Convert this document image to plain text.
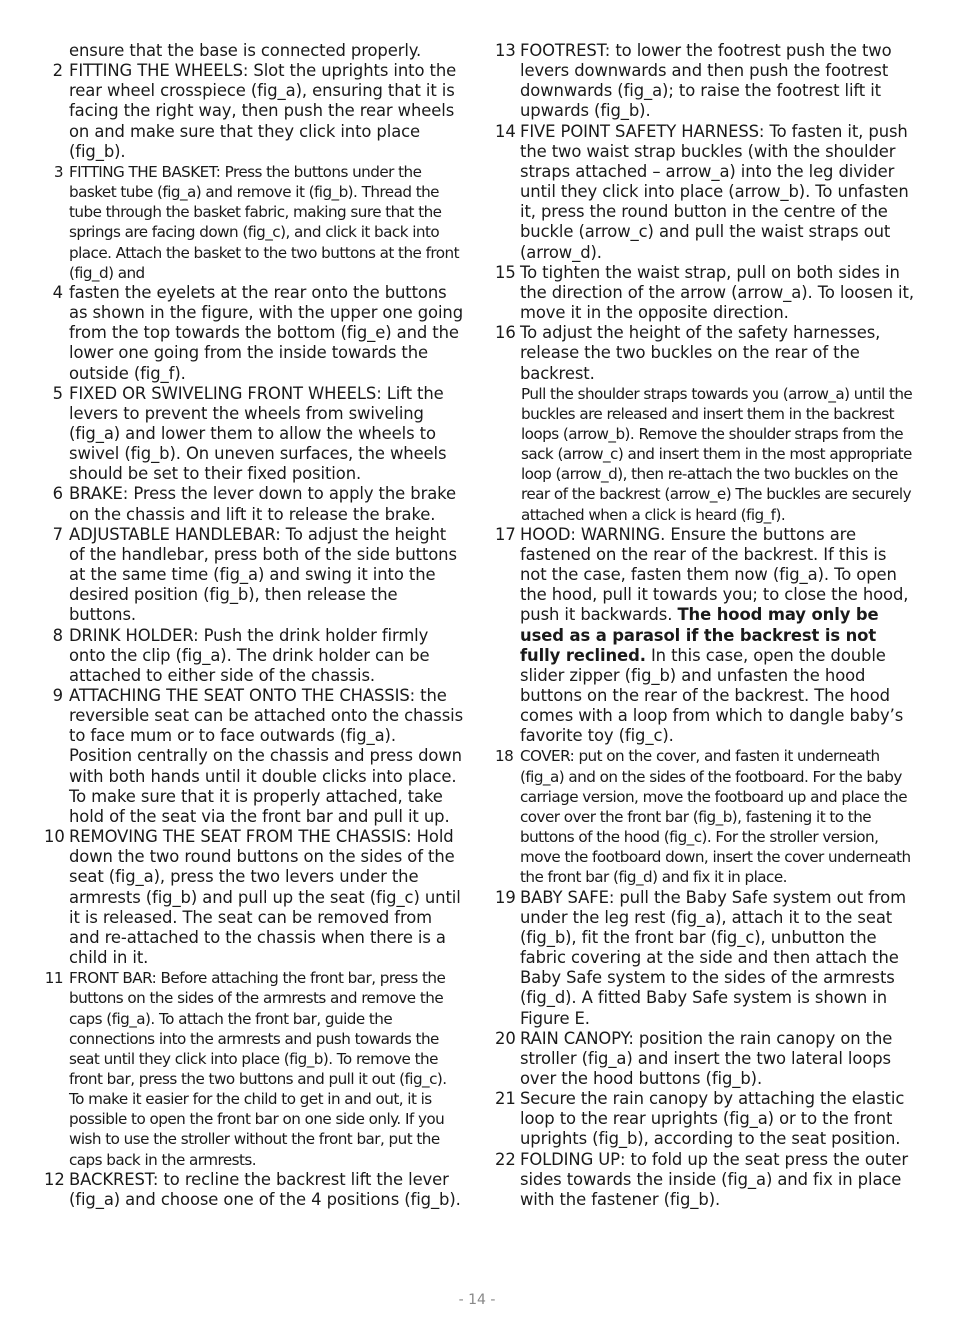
ensure that the base is connected properly.
2 FITTING THE WHEELS: Slot the uprights into the rear wheel crosspiece (fig_a), ensuring that it is facing the right way, then push the rear wheels on and make sure that they click into place (fig_b).
3 FITTING THE BASKET: Press the buttons under the basket tube (fig_a) and remove it (fig_b). Thread the tube through the basket fabric, making sure that the springs are facing down (fig_c), and click it back into place. Attach the basket to the two buttons at the front (fig_d) and
4 fasten the eyelets at the rear onto the buttons as shown in the figure, with the upper one going from the top towards the bottom (fig_e) and the lower one going from the inside towards the outside (fig_f).
5 FIXED OR SWIVELING FRONT WHEELS: Lift the levers to prevent the wheels from swiveling (fig_a) and lower them to allow the wheels to swivel (fig_b). On uneven surfaces, the wheels should be set to their fixed position.
6 BRAKE: Press the lever down to apply the brake on the chassis and lift it to release the brake.
7 ADJUSTABLE HANDLEBAR: To adjust the height of the handlebar, press both of the side buttons at the same time (fig_a) and swing it into the desired position (fig_b), then release the buttons.
8 DRINK HOLDER: Push the drink holder firmly onto the clip (fig_a). The drink holder can be attached to either side of the chassis.
9 ATTACHING THE SEAT ONTO THE CHASSIS: the reversible seat can be attached onto the chassis to face mum or to face outwards (fig_a). Position centrally on the chassis and press down with both hands until it double clicks into place. To make sure that it is properly attached, take hold of the seat via the front bar and pull it up.
10 REMOVING THE SEAT FROM THE CHASSIS: Hold down the two round buttons on the sides of the seat (fig_a), press the two levers under the armrests (fig_b) and pull up the seat (fig_c) until it is released. The seat can be removed from and re-attached to the chassis when there is a child in it.
11 FRONT BAR: Before attaching the front bar, press the buttons on the sides of the armrests and remove the caps (fig_a). To attach the front bar, guide the connections into the armrests and push towards the seat until they click into place (fig_b). To remove the front bar, press the two buttons and pull it out (fig_c). To make it easier for the child to get in and out, it is possible to open the front bar on one side only. If you wish to use the stroller without the front bar, put the caps back in the armrests.
12 BACKREST: to recline the backrest lift the lever (fig_a) and choose one of the 4 positions (fig_b).
13 FOOTREST: to lower the footrest push the two levers downwards and then push the footrest downwards (fig_a); to raise the footrest lift it upwards (fig_b).
14 FIVE POINT SAFETY HARNESS: To fasten it, push the two waist strap buckles (with the shoulder straps attached – arrow_a) into the leg divider until they click into place (arrow_b). To unfasten it, press the round button in the centre of the buckle (arrow_c) and pull the waist straps out (arrow_d).
15 To tighten the waist strap, pull on both sides in the direction of the arrow (arrow_a). To loosen it, move it in the opposite direction.
16 To adjust the height of the safety harnesses, release the two buckles on the rear of the backrest.
Pull the shoulder straps towards you (arrow_a) until the buckles are released and insert them in the backrest loops (arrow_b). Remove the shoulder straps from the sack (arrow_c) and insert them in the most appropriate loop (arrow_d), then re-attach the two buckles on the rear of the backrest (arrow_e) The buckles are securely attached when a click is heard (fig_f).
17 HOOD: WARNING. Ensure the buttons are fastened on the rear of the backrest. If this is not the case, fasten them now (fig_a). To open the hood, pull it towards you; to close the hood, push it backwards. The hood may only be used as a parasol if the backrest is not fully reclined. In this case, open the double slider zipper (fig_b) and unfasten the hood buttons on the rear of the backrest. The hood comes with a loop from which to dangle baby’s favorite toy (fig_c).
18 COVER: put on the cover, and fasten it underneath (fig_a) and on the sides of the footboard. For the baby carriage version, move the footboard up and place the cover over the front bar (fig_b), fastening it to the buttons of the hood (fig_c). For the stroller version, move the footboard down, insert the cover underneath the front bar (fig_d) and fix it in place.
19 BABY SAFE: pull the Baby Safe system out from under the leg rest (fig_a), attach it to the seat (fig_b), fit the front bar (fig_c), unbutton the fabric covering at the side and then attach the Baby Safe system to the sides of the armrests (fig_d). A fitted Baby Safe system is shown in Figure E.
20 RAIN CANOPY: position the rain canopy on the stroller (fig_a) and insert the two lateral loops over the hood buttons (fig_b).
21 Secure the rain canopy by attaching the elastic loop to the rear uprights (fig_a) or to the front uprights (fig_b), according to the seat position.
22 FOLDING UP: to fold up the seat press the outer sides towards the inside (fig_a) and fix in place with the fastener (fig_b).
- 14 -
